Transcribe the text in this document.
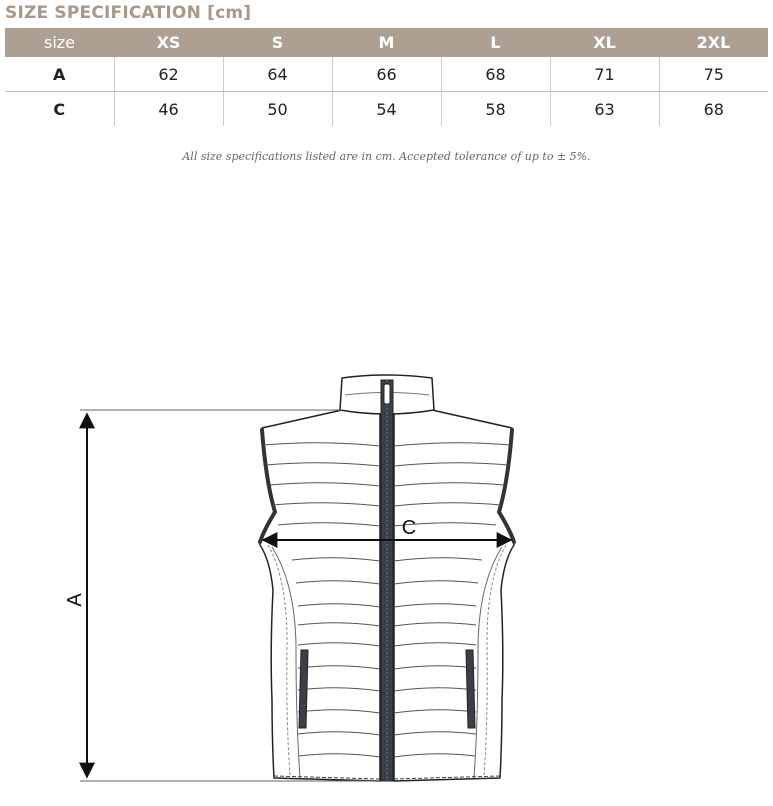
SIZE SPECIFICATION [cm]
size	XS	S	M	L	XL	2XL
A	62	64	66	68	71	75
C	46	50	54	58	63	68
All size specifications listed are in cm. Accepted tolerance of up to ± 5%.
A
C
